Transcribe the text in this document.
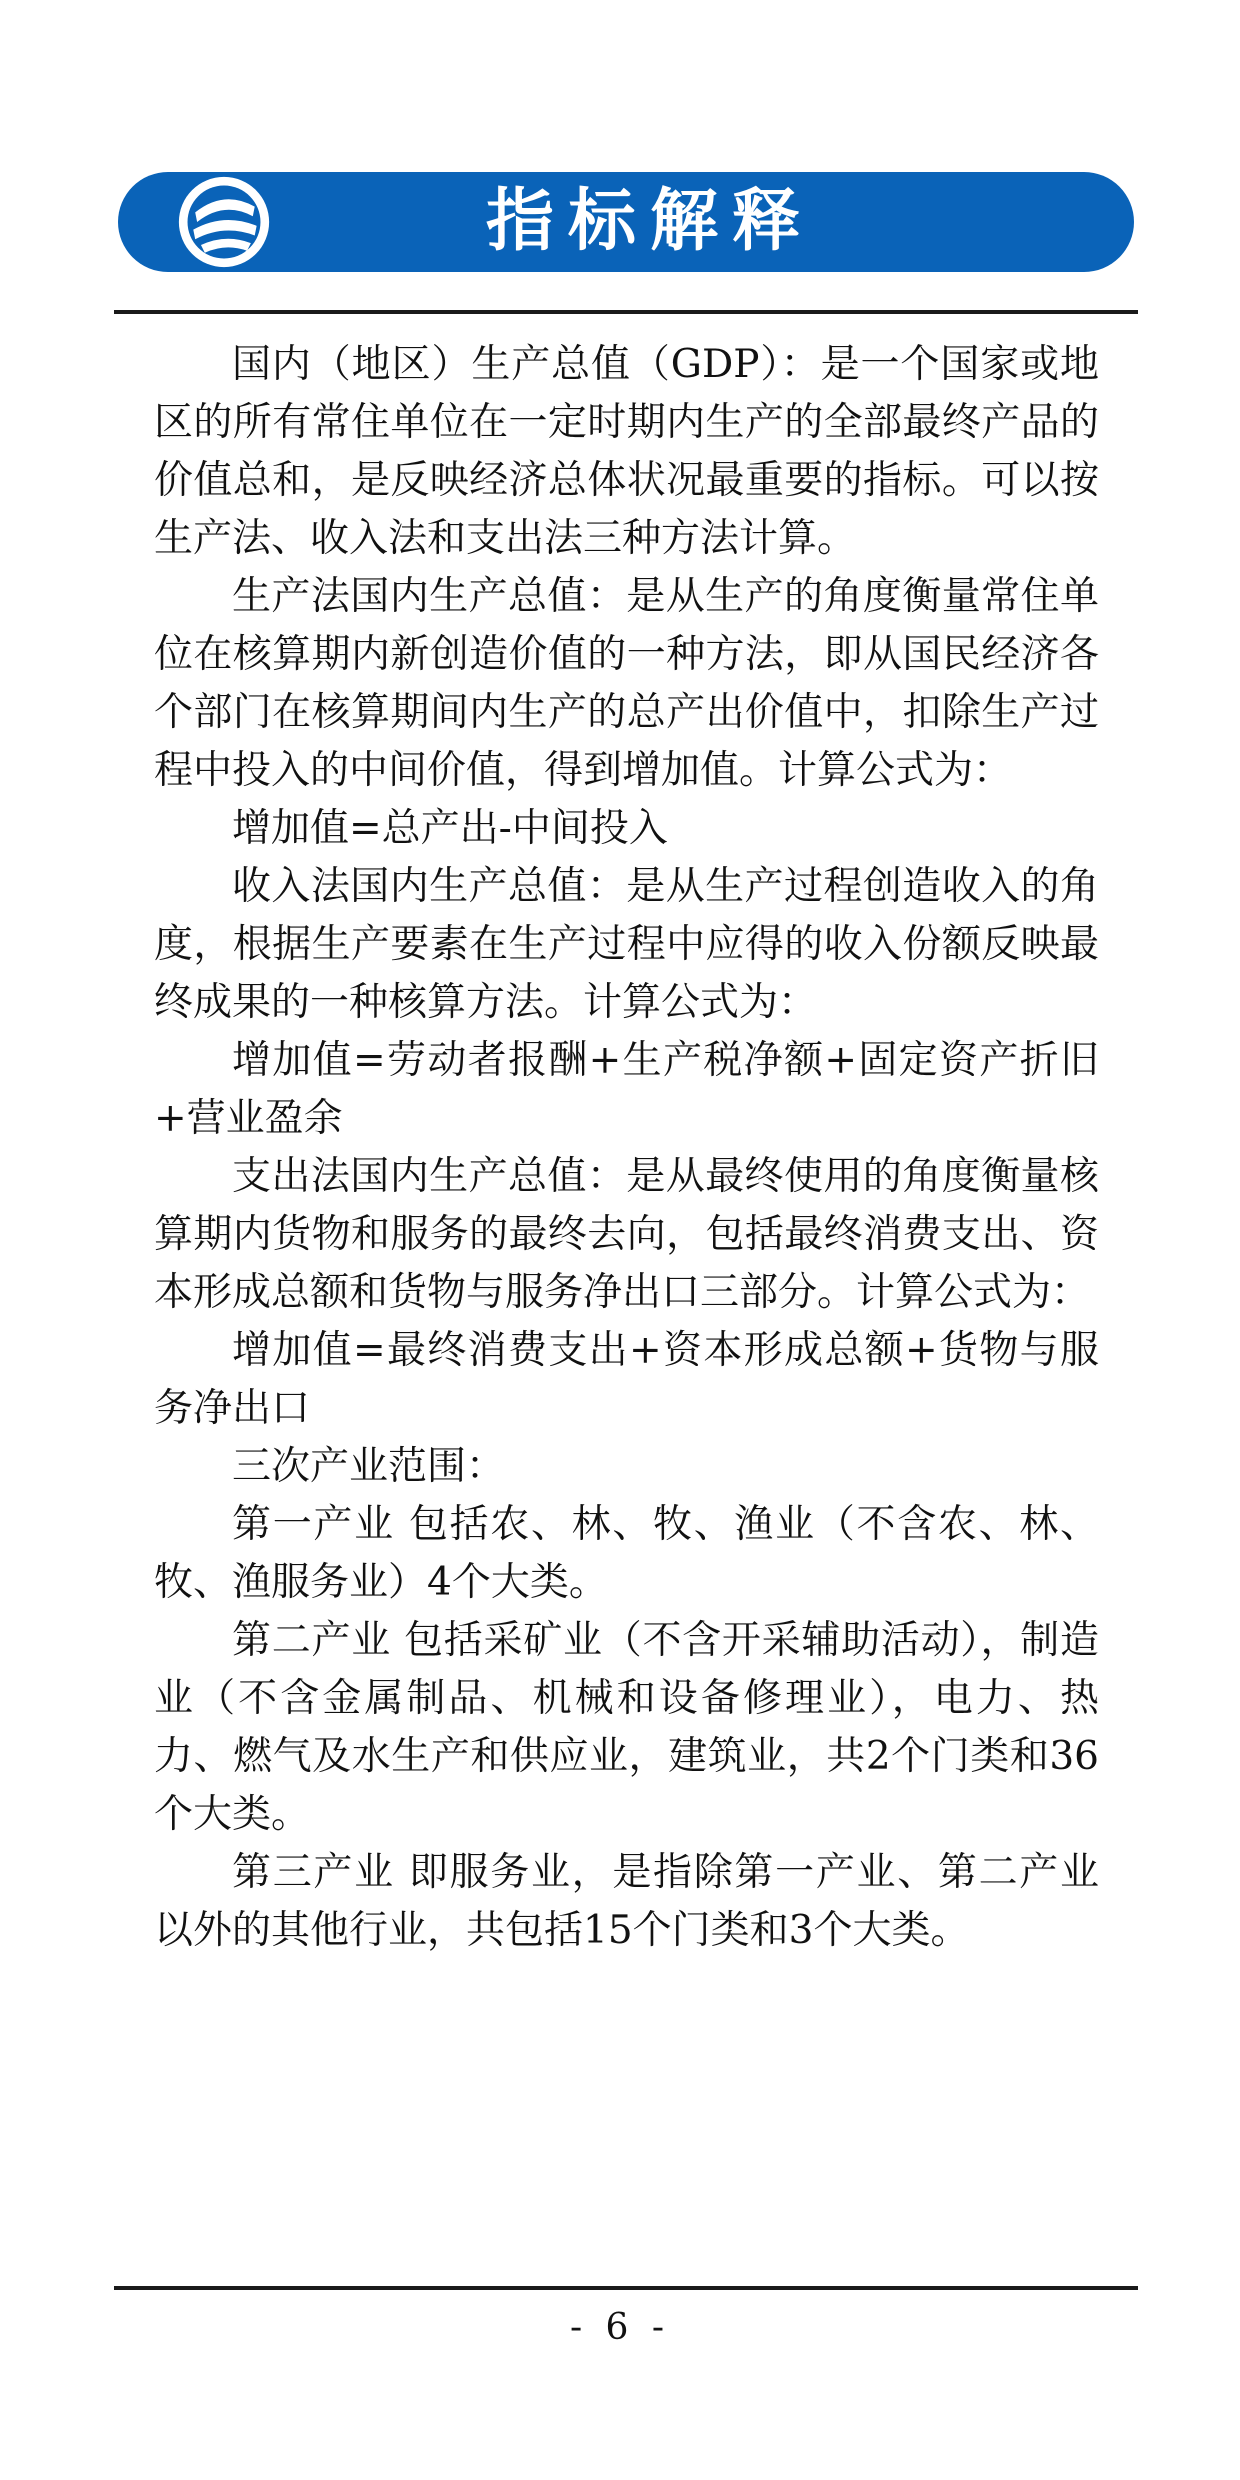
指标解释

国内（地区）生产总值（GDP）：是一个国家或地区的所有常住单位在一定时期内生产的全部最终产品的价值总和，是反映经济总体状况最重要的指标。可以按生产法、收入法和支出法三种方法计算。

生产法国内生产总值：是从生产的角度衡量常住单位在核算期内新创造价值的一种方法，即从国民经济各个部门在核算期间内生产的总产出价值中，扣除生产过程中投入的中间价值，得到增加值。计算公式为：

增加值=总产出-中间投入

收入法国内生产总值：是从生产过程创造收入的角度，根据生产要素在生产过程中应得的收入份额反映最终成果的一种核算方法。计算公式为：

增加值=劳动者报酬+生产税净额+固定资产折旧+营业盈余

支出法国内生产总值：是从最终使用的角度衡量核算期内货物和服务的最终去向，包括最终消费支出、资本形成总额和货物与服务净出口三部分。计算公式为：

增加值=最终消费支出+资本形成总额+货物与服务净出口

三次产业范围：

第一产业 包括农、林、牧、渔业（不含农、林、牧、渔服务业）4个大类。

第二产业 包括采矿业（不含开采辅助活动），制造业（不含金属制品、机械和设备修理业），电力、热力、燃气及水生产和供应业，建筑业，共2个门类和36个大类。

第三产业 即服务业，是指除第一产业、第二产业以外的其他行业，共包括15个门类和3个大类。

- 6 -
